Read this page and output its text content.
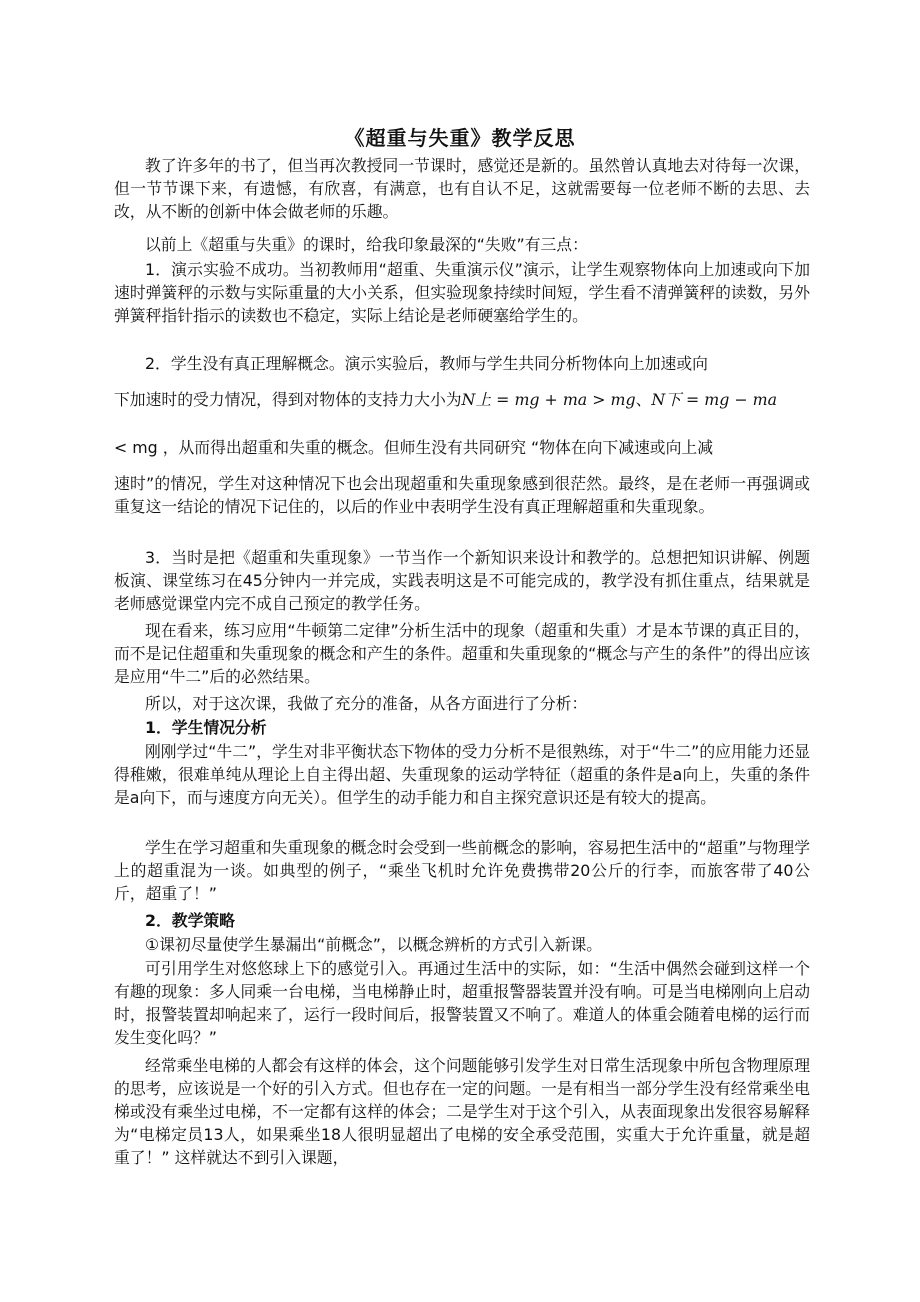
《超重与失重》教学反思
教了许多年的书了，但当再次教授同一节课时，感觉还是新的。虽然曾认真地去对待每一次课，但一节节课下来，有遗憾，有欣喜，有满意，也有自认不足，这就需要每一位老师不断的去思、去改，从不断的创新中体会做老师的乐趣。
以前上《超重与失重》的课时，给我印象最深的“失败”有三点：
1．演示实验不成功。当初教师用“超重、失重演示仪”演示，让学生观察物体向上加速或向下加速时弹簧秤的示数与实际重量的大小关系，但实验现象持续时间短，学生看不清弹簧秤的读数，另外弹簧秤指针指示的读数也不稳定，实际上结论是老师硬塞给学生的。
2．学生没有真正理解概念。演示实验后，教师与学生共同分析物体向上加速或向
下加速时的受力情况，得到对物体的支持力大小为N上 = mg + ma > mg、N下 = mg − ma
< mg ，从而得出超重和失重的概念。但师生没有共同研究 “物体在向下减速或向上减
速时”的情况，学生对这种情况下也会出现超重和失重现象感到很茫然。最终，是在老师一再强调或重复这一结论的情况下记住的，以后的作业中表明学生没有真正理解超重和失重现象。
3．当时是把《超重和失重现象》一节当作一个新知识来设计和教学的。总想把知识讲解、例题板演、课堂练习在45分钟内一并完成，实践表明这是不可能完成的，教学没有抓住重点，结果就是老师感觉课堂内完不成自己预定的教学任务。
现在看来，练习应用“牛顿第二定律”分析生活中的现象（超重和失重）才是本节课的真正目的，而不是记住超重和失重现象的概念和产生的条件。超重和失重现象的“概念与产生的条件”的得出应该是应用“牛二”后的必然结果。
所以，对于这次课，我做了充分的准备，从各方面进行了分析：
1．学生情况分析
刚刚学过“牛二”，学生对非平衡状态下物体的受力分析不是很熟练，对于“牛二”的应用能力还显得稚嫩，很难单纯从理论上自主得出超、失重现象的运动学特征（超重的条件是a向上，失重的条件是a向下，而与速度方向无关）。但学生的动手能力和自主探究意识还是有较大的提高。
学生在学习超重和失重现象的概念时会受到一些前概念的影响，容易把生活中的“超重”与物理学上的超重混为一谈。如典型的例子，“乘坐飞机时允许免费携带20公斤的行李，而旅客带了40公斤，超重了！”
2．教学策略
①课初尽量使学生暴漏出“前概念”，以概念辨析的方式引入新课。
可引用学生对悠悠球上下的感觉引入。再通过生活中的实际，如：“生活中偶然会碰到这样一个有趣的现象：多人同乘一台电梯，当电梯静止时，超重报警器装置并没有响。可是当电梯刚向上启动时，报警装置却响起来了，运行一段时间后，报警装置又不响了。难道人的体重会随着电梯的运行而发生变化吗？”
经常乘坐电梯的人都会有这样的体会，这个问题能够引发学生对日常生活现象中所包含物理原理的思考，应该说是一个好的引入方式。但也存在一定的问题。一是有相当一部分学生没有经常乘坐电梯或没有乘坐过电梯，不一定都有这样的体会；二是学生对于这个引入，从表面现象出发很容易解释为“电梯定员13人，如果乘坐18人很明显超出了电梯的安全承受范围，实重大于允许重量，就是超重了！” 这样就达不到引入课题，
